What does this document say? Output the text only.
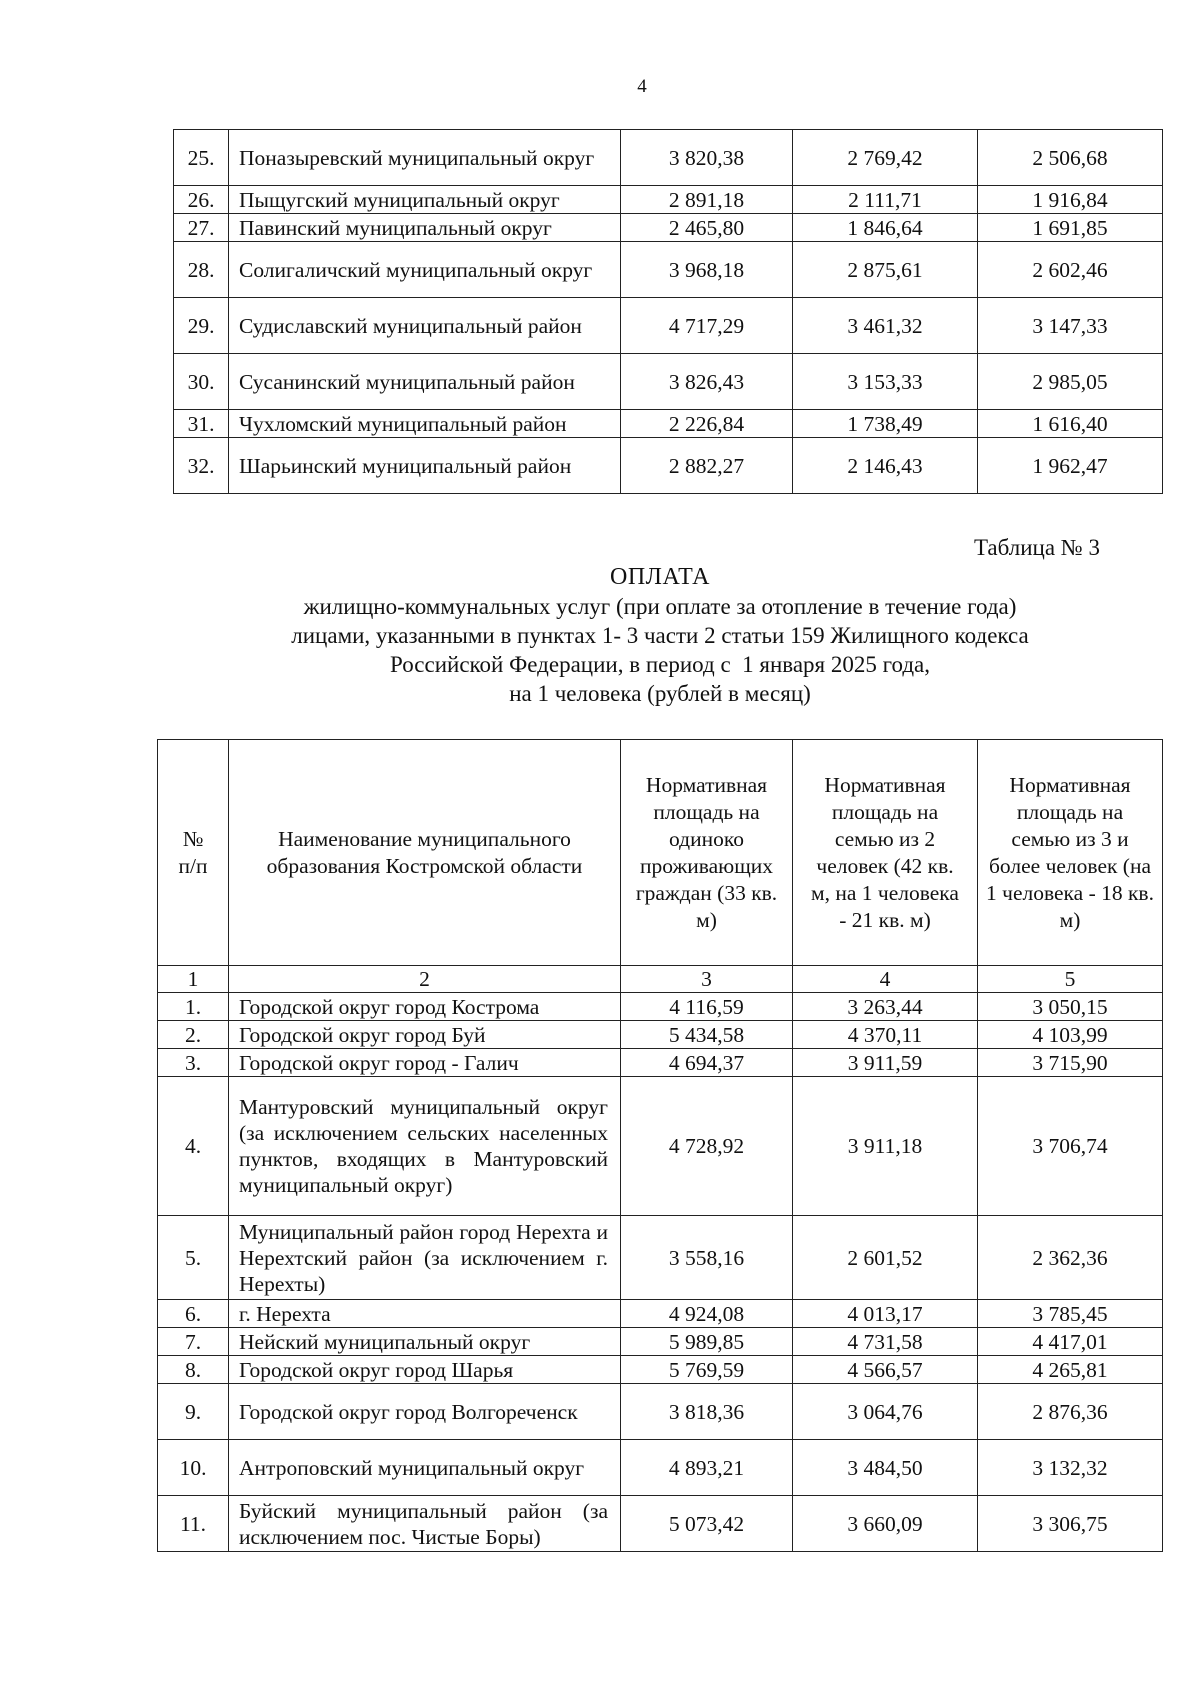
4
25.	Поназыревский муниципальный округ	3 820,38	2 769,42	2 506,68
26.	Пыщугский муниципальный округ	2 891,18	2 111,71	1 916,84
27.	Павинский муниципальный округ	2 465,80	1 846,64	1 691,85
28.	Солигаличский муниципальный округ	3 968,18	2 875,61	2 602,46
29.	Судиславский муниципальный район	4 717,29	3 461,32	3 147,33
30.	Сусанинский муниципальный район	3 826,43	3 153,33	2 985,05
31.	Чухломский муниципальный район	2 226,84	1 738,49	1 616,40
32.	Шарьинский муниципальный район	2 882,27	2 146,43	1 962,47
Таблица № 3
ОПЛАТА
жилищно-коммунальных услуг (при оплате за отопление в течение года)
лицами, указанными в пунктах 1- 3 части 2 статьи 159 Жилищного кодекса
Российской Федерации, в период с  1 января 2025 года,
на 1 человека (рублей в месяц)
№ п/п	Наименование муниципального образования Костромской области	Нормативная площадь на одиноко проживающих граждан (33 кв. м)	Нормативная площадь на семью из 2 человек (42 кв. м, на 1 человека - 21 кв. м)	Нормативная площадь на семью из 3 и более человек (на 1 человека - 18 кв. м)
1	2	3	4	5
1.	Городской округ город Кострома	4 116,59	3 263,44	3 050,15
2.	Городской округ город Буй	5 434,58	4 370,11	4 103,99
3.	Городской округ город - Галич	4 694,37	3 911,59	3 715,90
4.	Мантуровский муниципальный округ (за исключением сельских населенных пунктов, входящих в Мантуровский муниципальный округ)	4 728,92	3 911,18	3 706,74
5.	Муниципальный район город Нерехта и Нерехтский район (за исключением г. Нерехты)	3 558,16	2 601,52	2 362,36
6.	г. Нерехта	4 924,08	4 013,17	3 785,45
7.	Нейский муниципальный округ	5 989,85	4 731,58	4 417,01
8.	Городской округ город Шарья	5 769,59	4 566,57	4 265,81
9.	Городской округ город Волгореченск	3 818,36	3 064,76	2 876,36
10.	Антроповский муниципальный округ	4 893,21	3 484,50	3 132,32
11.	Буйский муниципальный район (за исключением пос. Чистые Боры)	5 073,42	3 660,09	3 306,75
